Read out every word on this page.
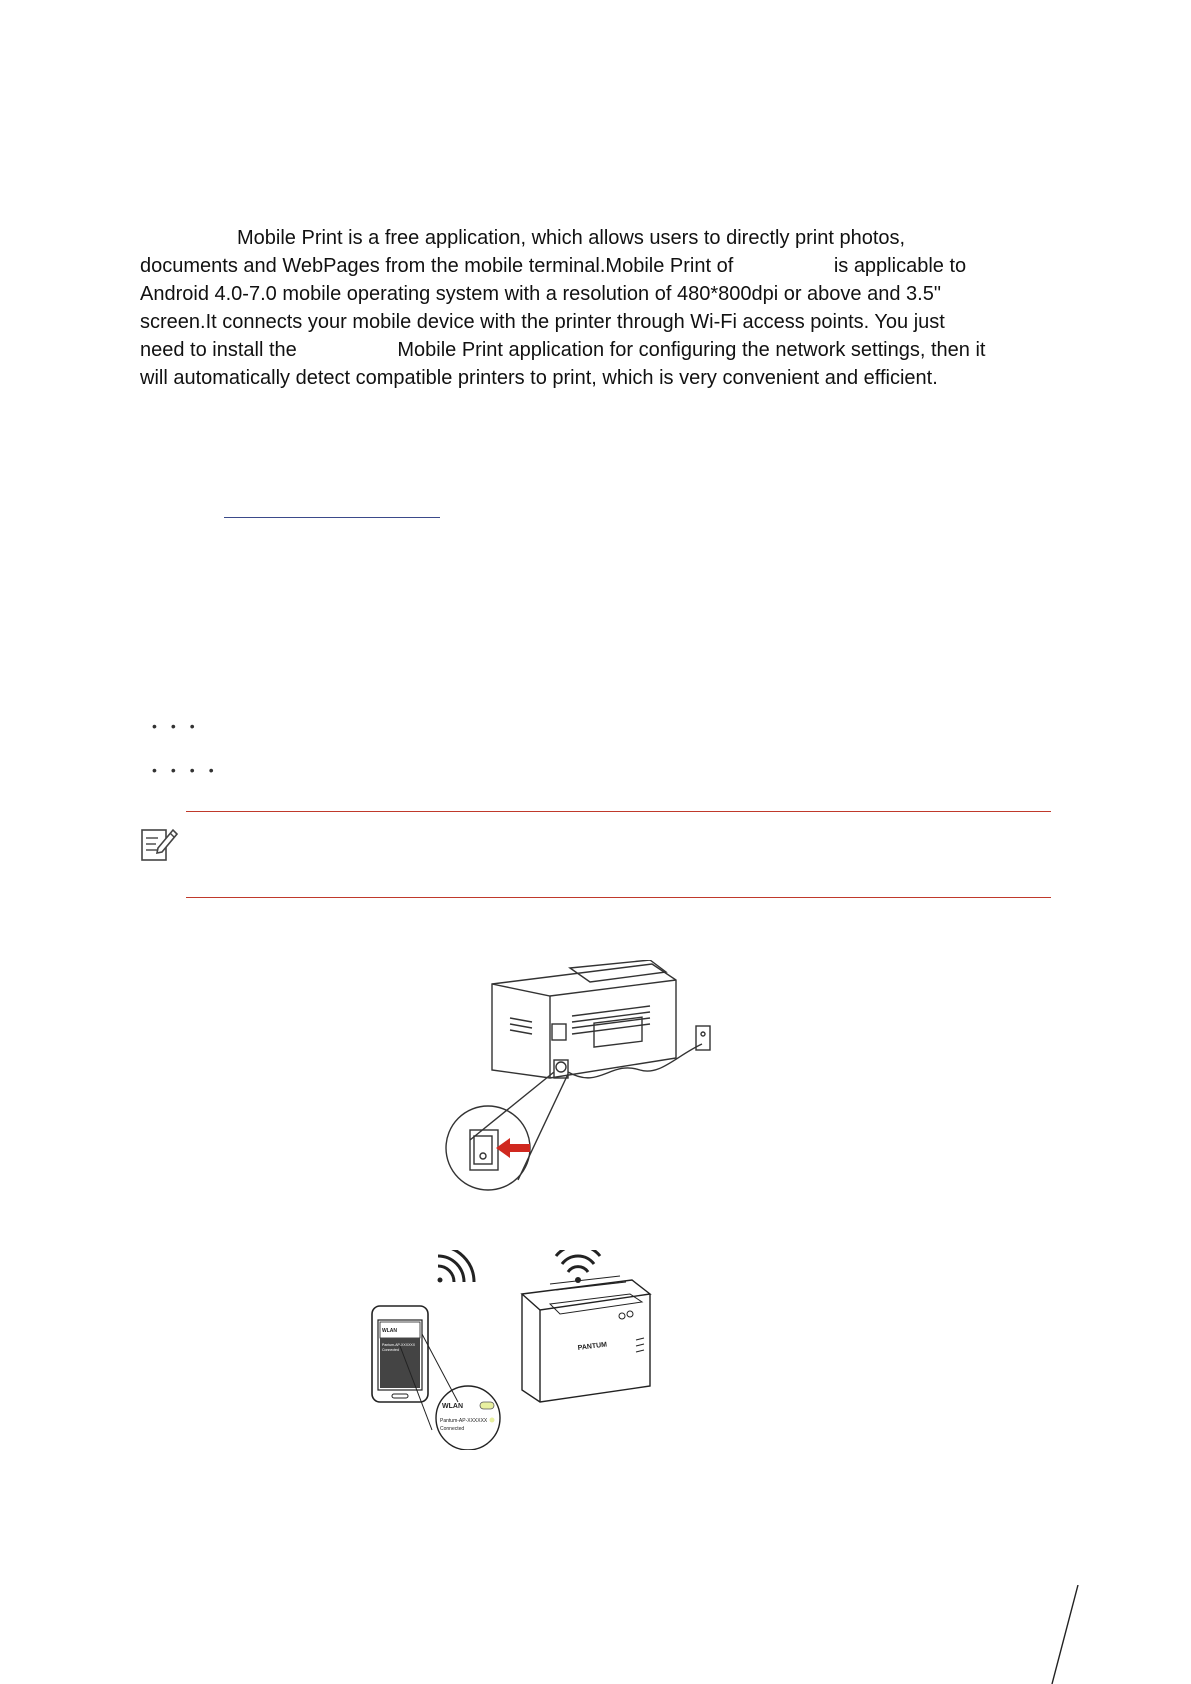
Mobile Print is a free application, which allows users to directly print photos,
documents and WebPages from the mobile terminal.Mobile Print of	is applicable to
Android 4.0-7.0 mobile operating system with a resolution of 480*800dpi or above and 3.5"
screen.It connects your mobile device with the printer through Wi-Fi access points. You just
need to install the	Mobile Print application for configuring the network settings, then it
will automatically detect compatible printers to print, which is very convenient and efficient.
•••
••••
WLAN
Pantum-AP-XXXXXX
Connected
WLAN
Pantum-AP-XXXXXX
Connected
PANTUM
